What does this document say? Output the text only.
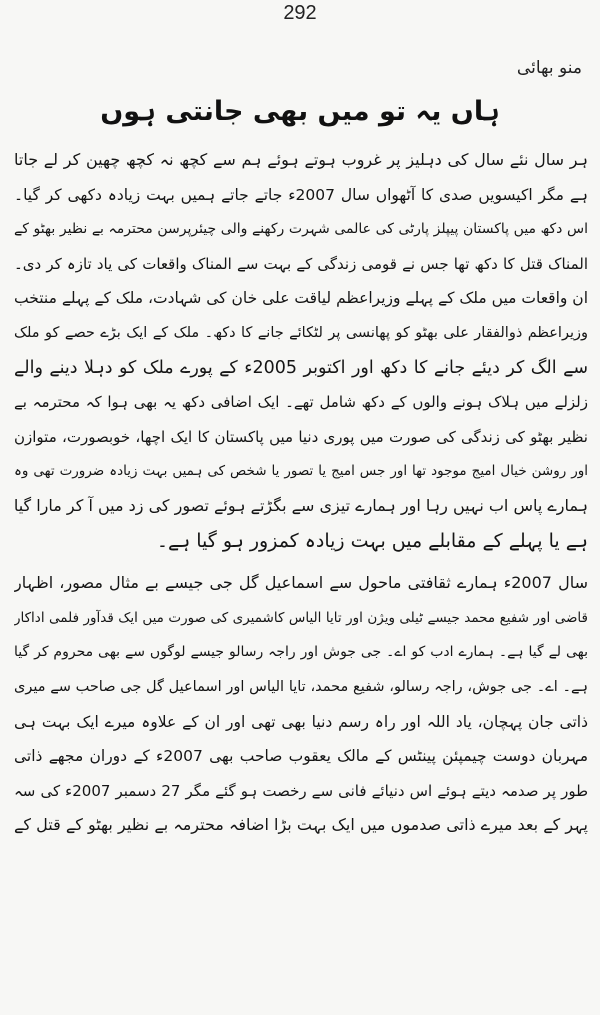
292
منو بھائی
ہاں یہ تو میں بھی جانتی ہوں
ہر سال نئے سال کی دہلیز پر غروب ہوتے ہوئے ہم سے کچھ نہ کچھ چھین کر لے جاتا
ہے مگر اکیسویں صدی کا آٹھواں سال 2007ء جاتے جاتے ہمیں بہت زیادہ دکھی کر گیا۔
اس دکھ میں پاکستان پیپلز پارٹی کی عالمی شہرت رکھنے والی چیئرپرسن محترمہ بے نظیر بھٹو کے
المناک قتل کا دکھ تھا جس نے قومی زندگی کے بہت سے المناک واقعات کی یاد تازہ کر دی۔
ان واقعات میں ملک کے پہلے وزیراعظم لیاقت علی خان کی شہادت، ملک کے پہلے منتخب
وزیراعظم ذوالفقار علی بھٹو کو پھانسی پر لٹکائے جانے کا دکھ۔ ملک کے ایک بڑے حصے کو ملک
سے الگ کر دیئے جانے کا دکھ اور اکتوبر 2005ء کے پورے ملک کو دہلا دینے والے
زلزلے میں ہلاک ہونے والوں کے دکھ شامل تھے۔ ایک اضافی دکھ یہ بھی ہوا کہ محترمہ بے
نظیر بھٹو کی زندگی کی صورت میں پوری دنیا میں پاکستان کا ایک اچھا، خوبصورت، متوازن
اور روشن خیال امیج موجود تھا اور جس امیج یا تصور یا شخص کی ہمیں بہت زیادہ ضرورت تھی وہ
ہمارے پاس اب نہیں رہا اور ہمارے تیزی سے بگڑتے ہوئے تصور کی زد میں آ کر مارا گیا
ہے یا پہلے کے مقابلے میں بہت زیادہ کمزور ہو گیا ہے۔
سال 2007ء ہمارے ثقافتی ماحول سے اسماعیل گل جی جیسے بے مثال مصور، اظہار
قاضی اور شفیع محمد جیسے ٹیلی ویژن اور تایا الیاس کاشمیری کی صورت میں ایک قدآور فلمی اداکار
بھی لے گیا ہے۔ ہمارے ادب کو اے۔ جی جوش اور راجہ رسالو جیسے لوگوں سے بھی محروم کر گیا
ہے۔ اے۔ جی جوش، راجہ رسالو، شفیع محمد، تایا الیاس اور اسماعیل گل جی صاحب سے میری
ذاتی جان پہچان، یاد اللہ اور راہ رسم دنیا بھی تھی اور ان کے علاوہ میرے ایک بہت ہی
مہربان دوست چیمپئن پینٹس کے مالک یعقوب صاحب بھی 2007ء کے دوران مجھے ذاتی
طور پر صدمہ دیتے ہوئے اس دنیائے فانی سے رخصت ہو گئے مگر 27 دسمبر 2007ء کی سہ
پہر کے بعد میرے ذاتی صدموں میں ایک بہت بڑا اضافہ محترمہ بے نظیر بھٹو کے قتل کے
